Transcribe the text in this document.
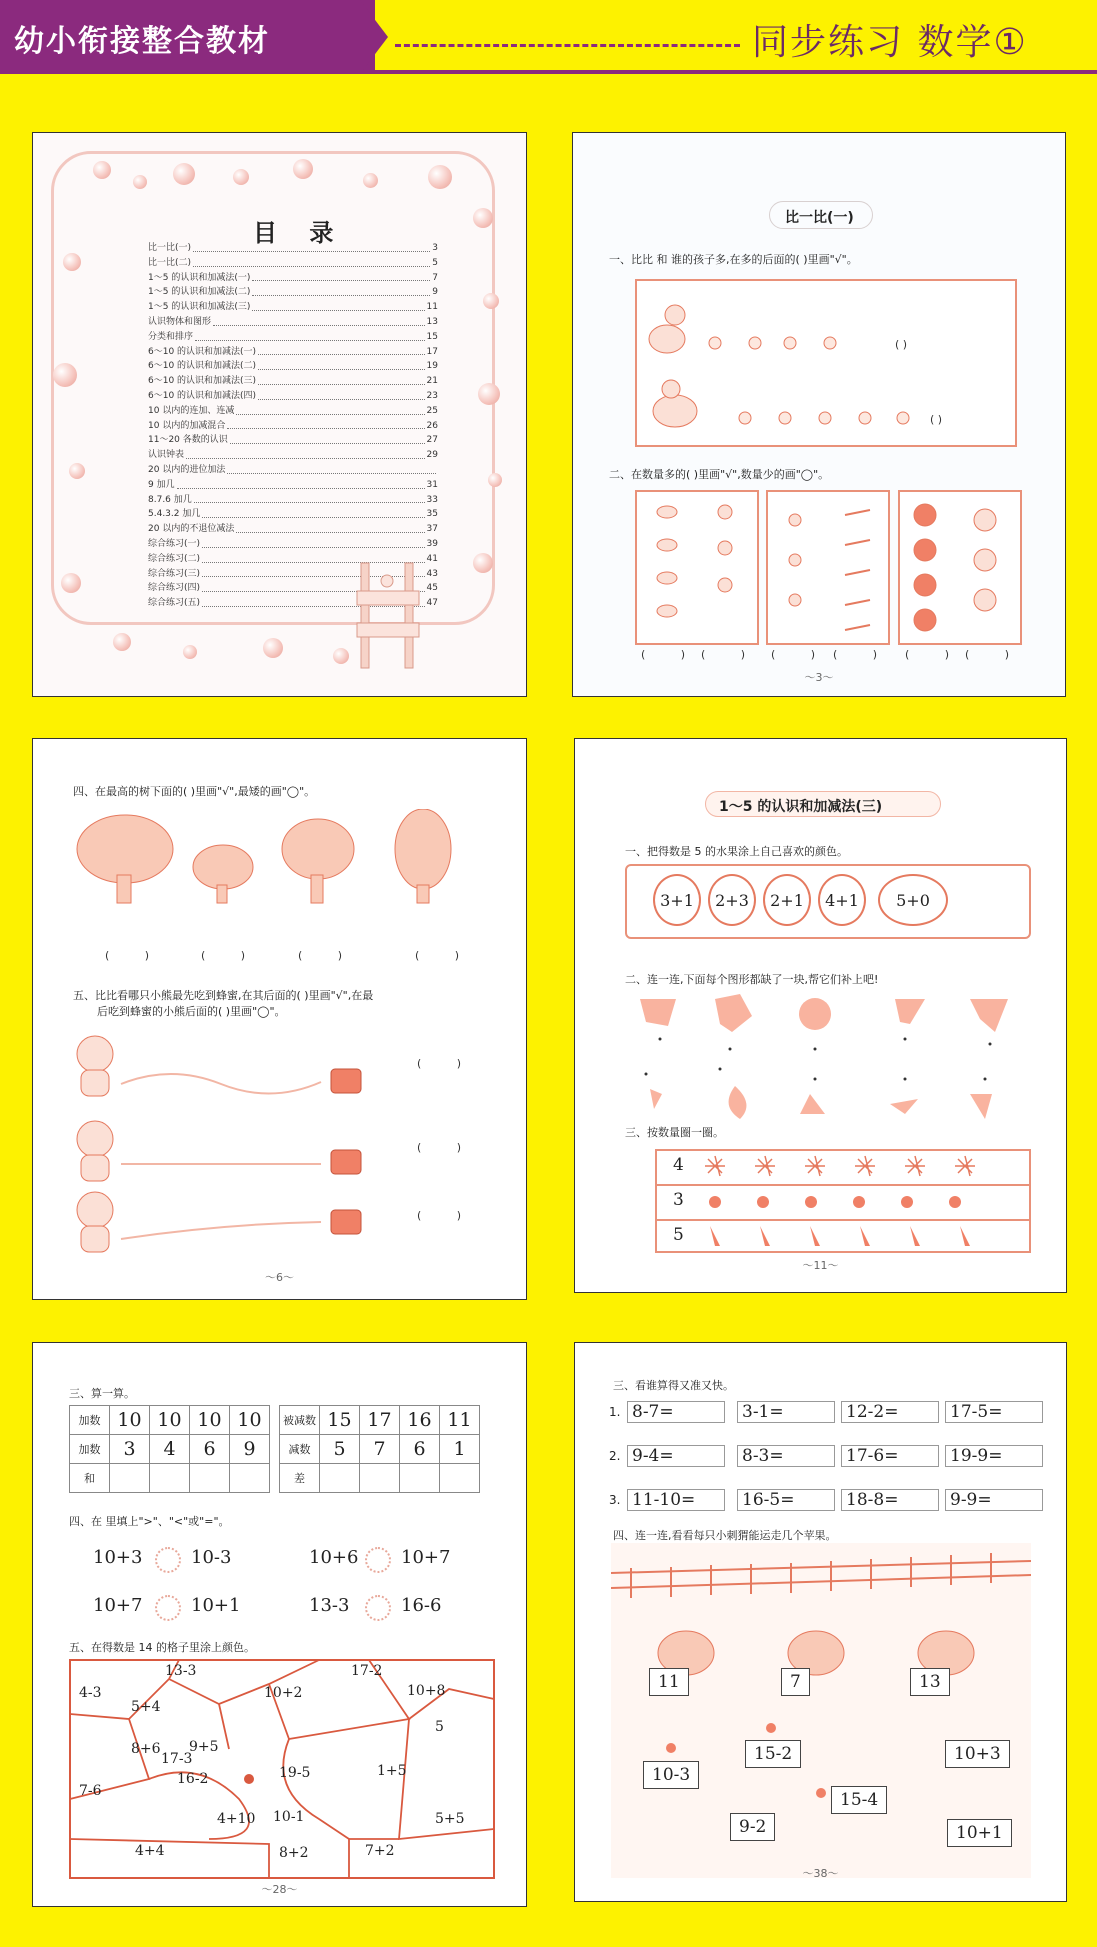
幼小衔接整合教材	同步练习 数学①
目 录
比一比(一)	3
比一比(二)	5
1～5 的认识和加减法(一)	7
1～5 的认识和加减法(二)	9
1～5 的认识和加减法(三)	11
认识物体和图形	13
分类和排序	15
6～10 的认识和加减法(一)	17
6～10 的认识和加减法(二)	19
6～10 的认识和加减法(三)	21
6～10 的认识和加减法(四)	23
10 以内的连加、连减	25
10 以内的加减混合	26
11～20 各数的认识	27
认识钟表	29
20 以内的进位加法
9 加几	31
8.7.6 加几	33
5.4.3.2 加几	35
20 以内的不退位减法	37
综合练习(一)	39
综合练习(二)	41
综合练习(三)	43
综合练习(四)	45
综合练习(五)	47
比一比(一)
一、比比 和 谁的孩子多,在多的后面的( )里画"√"。
( )
( )
二、在数量多的( )里画"√",数量少的画"◯"。
( ) ( ) ( ) ( ) ( ) ( )
～3～
四、在最高的树下面的( )里画"√",最矮的画"◯"。
( )	( )	( )	( )
五、比比看哪只小熊最先吃到蜂蜜,在其后面的( )里画"√",在最
后吃到蜂蜜的小熊后面的( )里画"◯"。
( )
( )
( )
～6～
1～5 的认识和加减法(三)
一、把得数是 5 的水果涂上自己喜欢的颜色。
二、连一连,下面每个图形都缺了一块,帮它们补上吧!
三、按数量圈一圈。
4
3
5
～11～
3+1	2+3	2+1	4+1	5+0
三、算一算。
加数	10	10	10	10
加数	3	4	6	9
和				
被减数	15	17	16	11
减数	5	7	6	1
差				
四、在 里填上">"、"<"或"="。
10+3	10-3	10+6 10+7
10+7	10+1	13-3	16-6
五、在得数是 14 的格子里涂上颜色。
～28～
4-3
5+4
13-3	17-2
10+8
10+2
8+6
17-3
9+5
16-2	19-5	1+5
7-6
4+10 10-1	5+5
4+4	8+2	7+2
5
三、看谁算得又准又快。
四、连一连,看看每只小刺猬能运走几个苹果。
11	7	13
15-2	10+3
10-3
15-4
9-2	10+1
～38～
1. 8-7=	3-1=	12-2=	17-5=
2. 9-4=	8-3=	17-6=	19-9=
3. 11-10=	16-5=	18-8=	9-9=
